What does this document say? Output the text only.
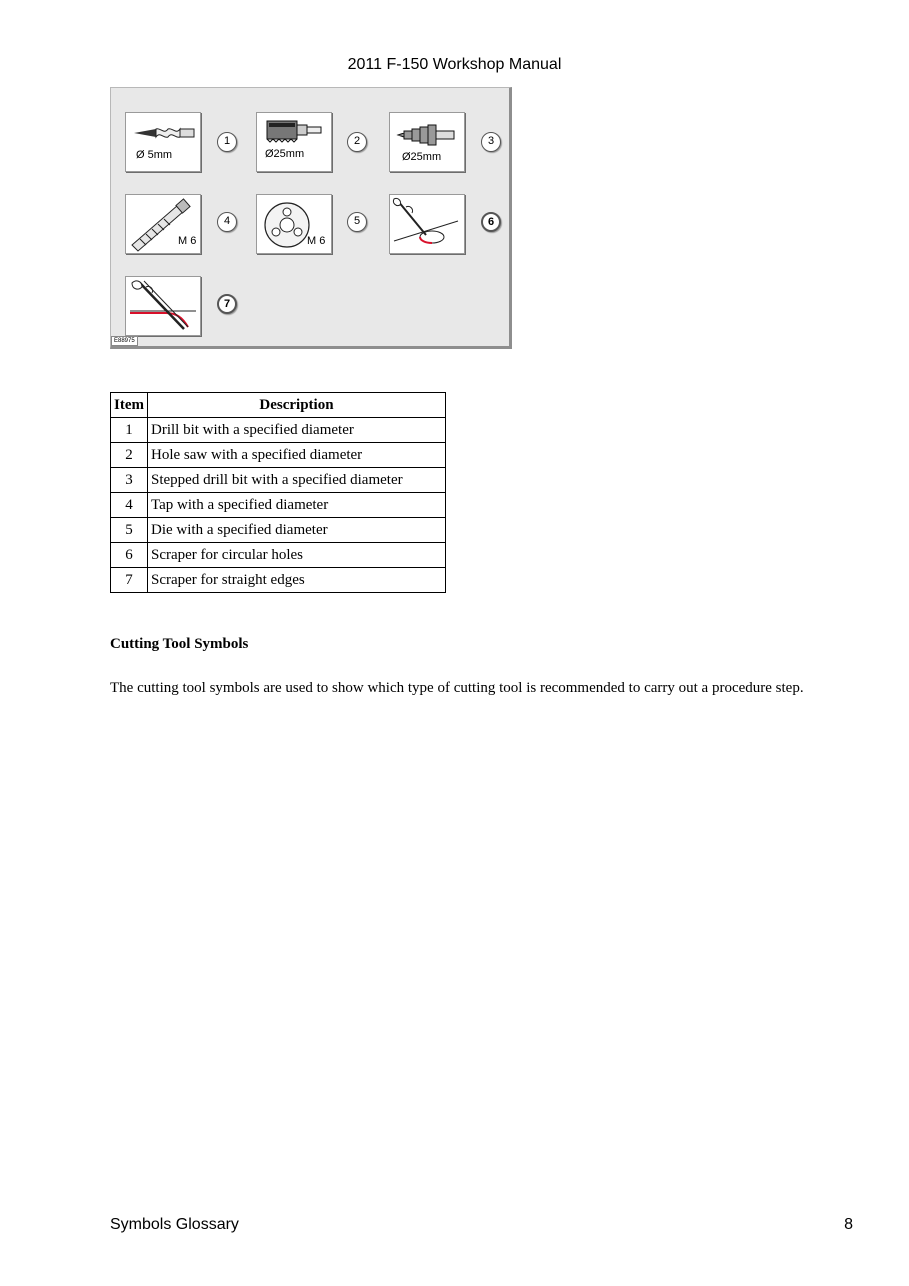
2011 F-150 Workshop Manual
Ø 5mm
1
Ø25mm
2
Ø25mm
3
M 6
4
M 6
5	6
7
E88975
Item	Description
1	Drill bit with a specified diameter
2	Hole saw with a specified diameter
3	Stepped drill bit with a specified diameter
4	Tap with a specified diameter
5	Die with a specified diameter
6	Scraper for circular holes
7	Scraper for straight edges
Cutting Tool Symbols
The cutting tool symbols are used to show which type of cutting tool is recommended to carry out a procedure step.
Symbols Glossary	8
